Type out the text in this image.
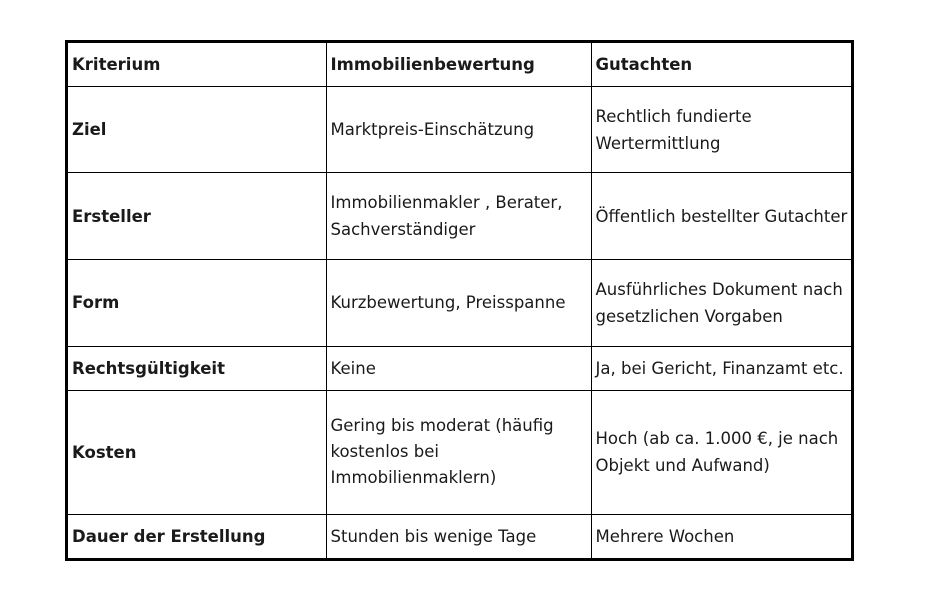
Kriterium	Immobilienbewertung	Gutachten
Ziel	Marktpreis-Einschätzung	Rechtlich fundierte Wertermittlung
Ersteller	Immobilienmakler , Berater, Sachverständiger	Öffentlich bestellter Gutachter
Form	Kurzbewertung, Preisspanne	Ausführliches Dokument nach gesetzlichen Vorgaben
Rechtsgültigkeit	Keine	Ja, bei Gericht, Finanzamt etc.
Kosten	Gering bis moderat (häufig kostenlos bei Immobilienmaklern)	Hoch (ab ca. 1.000 €, je nach Objekt und Aufwand)
Dauer der Erstellung	Stunden bis wenige Tage	Mehrere Wochen
